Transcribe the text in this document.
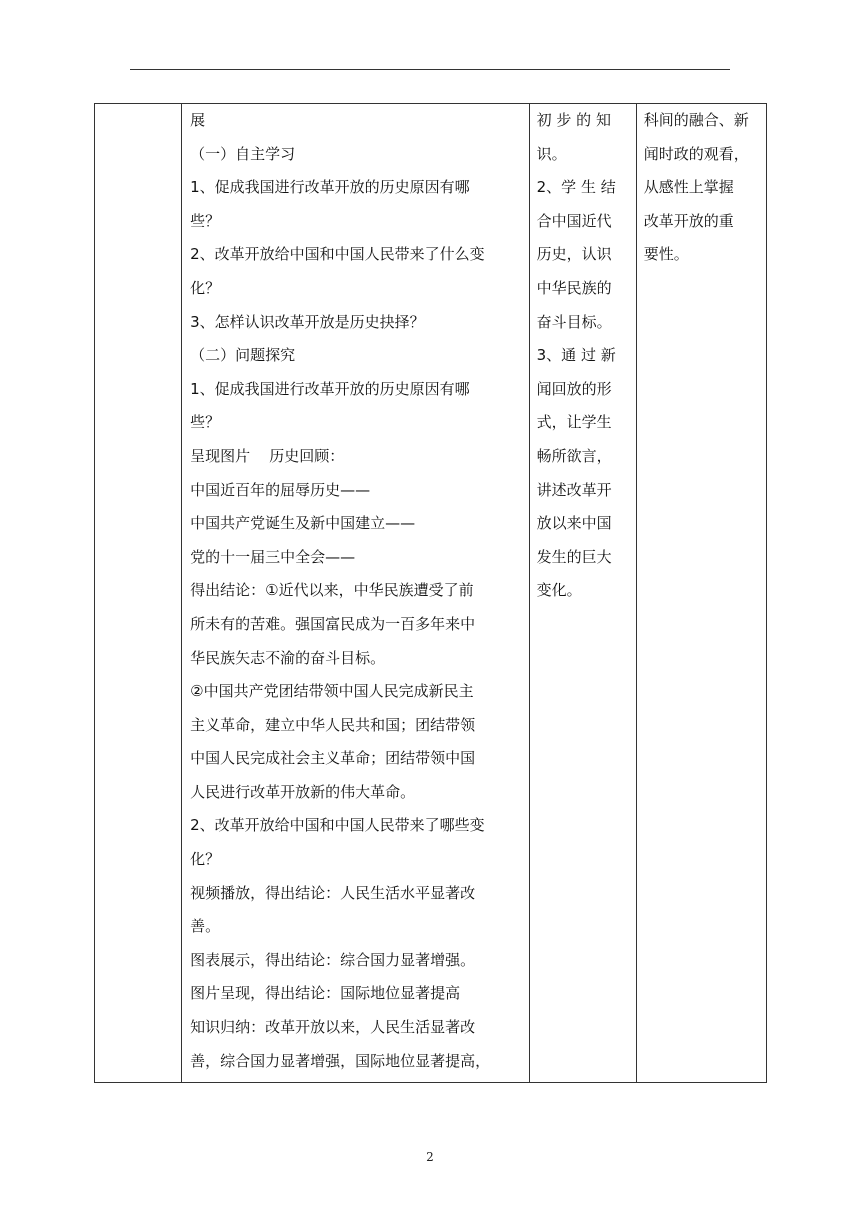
展
（一）自主学习
1、促成我国进行改革开放的历史原因有哪
些？
2、改革开放给中国和中国人民带来了什么变
化？
3、怎样认识改革开放是历史抉择？
（二）问题探究
1、促成我国进行改革开放的历史原因有哪
些？
呈现图片    历史回顾：
中国近百年的屈辱历史——
中国共产党诞生及新中国建立——
党的十一届三中全会——
得出结论：①近代以来，中华民族遭受了前
所未有的苦难。强国富民成为一百多年来中
华民族矢志不渝的奋斗目标。
②中国共产党团结带领中国人民完成新民主
主义革命，建立中华人民共和国；团结带领
中国人民完成社会主义革命；团结带领中国
人民进行改革开放新的伟大革命。
2、改革开放给中国和中国人民带来了哪些变
化？
视频播放，得出结论：人民生活水平显著改
善。
图表展示，得出结论：综合国力显著增强。
图片呈现，得出结论：国际地位显著提高
知识归纳：改革开放以来，人民生活显著改
善，综合国力显著增强，国际地位显著提高，

初 步 的 知
识。
2、学 生 结
合中国近代
历史，认识
中华民族的
奋斗目标。
3、通 过 新
闻回放的形
式，让学生
畅所欲言，
讲述改革开
放以来中国
发生的巨大
变化。

科间的融合、新
闻时政的观看，
从感性上掌握
改革开放的重
要性。
2
